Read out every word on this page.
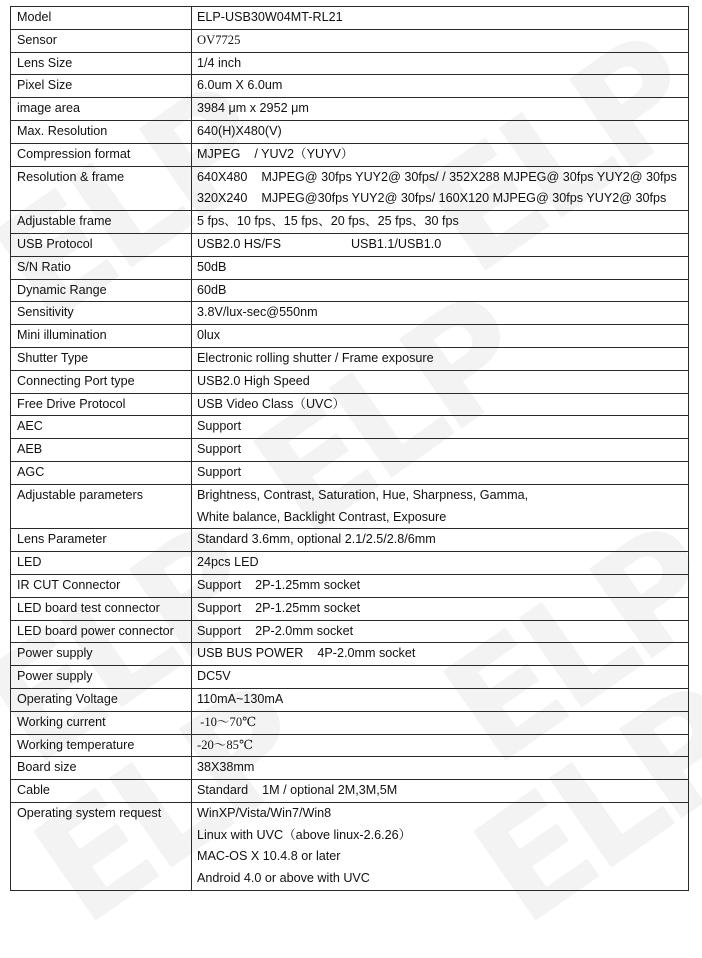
Model	ELP-USB30W04MT-RL21

Sensor	OV7725

Lens Size	1/4 inch

Pixel Size	6.0um X 6.0um

image area	3984 μm x 2952 μm

Max. Resolution	640(H)X480(V)

Compression format	MJPEG    / YUV2（YUYV）

Resolution & frame	640X480    MJPEG@ 30fps YUY2@ 30fps/ / 352X288 MJPEG@ 30fps YUY2@ 30fps
320X240    MJPEG@30fps YUY2@ 30fps/ 160X120 MJPEG@ 30fps YUY2@ 30fps

Adjustable frame	5 fps、10 fps、15 fps、20 fps、25 fps、30 fps

USB Protocol	USB2.0 HS/FS                    USB1.1/USB1.0

S/N Ratio	50dB

Dynamic Range	60dB

Sensitivity	3.8V/lux-sec@550nm

Mini illumination	0lux

Shutter Type	Electronic rolling shutter / Frame exposure

Connecting Port type	USB2.0 High Speed

Free Drive Protocol	USB Video Class（UVC）

AEC	Support

AEB	Support

AGC	Support

Adjustable parameters	Brightness, Contrast, Saturation, Hue, Sharpness, Gamma,
White balance, Backlight Contrast, Exposure

Lens Parameter	Standard 3.6mm, optional 2.1/2.5/2.8/6mm

LED	24pcs LED

IR CUT Connector	Support    2P-1.25mm socket

LED board test connector	Support    2P-1.25mm socket

LED board power connector	Support    2P-2.0mm socket

Power supply	USB BUS POWER    4P-2.0mm socket

Power supply	DC5V

Operating Voltage	110mA~130mA

Working current	-10～70℃

Working temperature	-20～85℃

Board size	38X38mm

Cable	Standard    1M / optional 2M,3M,5M

Operating system request	WinXP/Vista/Win7/Win8
Linux with UVC（above linux-2.6.26）
MAC-OS X 10.4.8 or later
Android 4.0 or above with UVC
